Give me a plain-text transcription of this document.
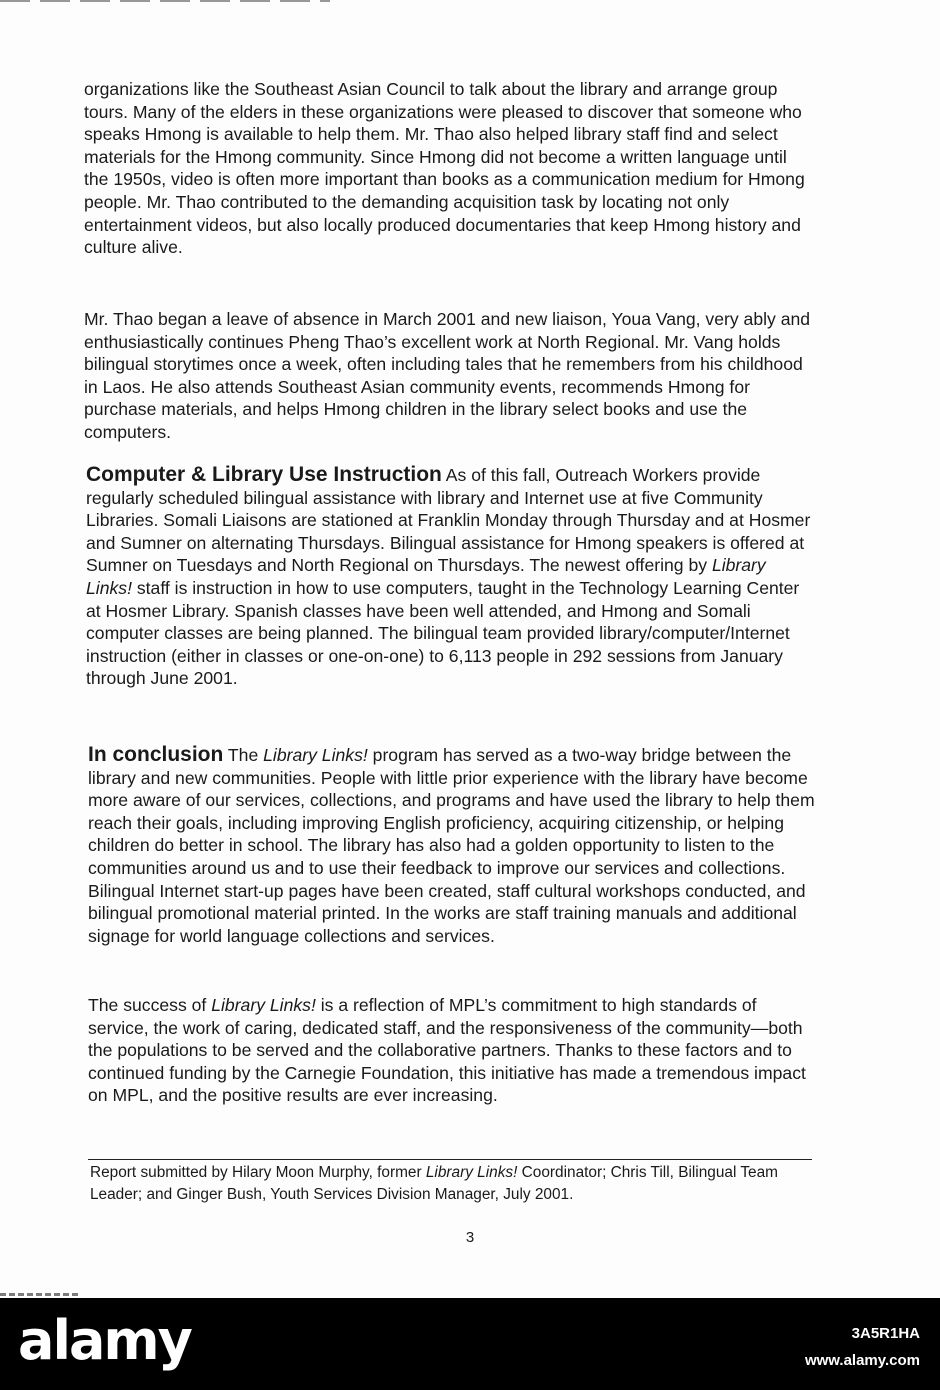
organizations like the Southeast Asian Council to talk about the library and arrange group tours. Many of the elders in these organizations were pleased to discover that someone who speaks Hmong is available to help them. Mr. Thao also helped library staff find and select materials for the Hmong community. Since Hmong did not become a written language until the 1950s, video is often more important than books as a communication medium for Hmong people. Mr. Thao contributed to the demanding acquisition task by locating not only entertainment videos, but also locally produced documentaries that keep Hmong history and culture alive.

Mr. Thao began a leave of absence in March 2001 and new liaison, Youa Vang, very ably and enthusiastically continues Pheng Thao’s excellent work at North Regional. Mr. Vang holds bilingual storytimes once a week, often including tales that he remembers from his childhood in Laos. He also attends Southeast Asian community events, recommends Hmong for purchase materials, and helps Hmong children in the library select books and use the computers.

Computer & Library Use Instruction As of this fall, Outreach Workers provide regularly scheduled bilingual assistance with library and Internet use at five Community Libraries. Somali Liaisons are stationed at Franklin Monday through Thursday and at Hosmer and Sumner on alternating Thursdays. Bilingual assistance for Hmong speakers is offered at Sumner on Tuesdays and North Regional on Thursdays. The newest offering by Library Links! staff is instruction in how to use computers, taught in the Technology Learning Center at Hosmer Library. Spanish classes have been well attended, and Hmong and Somali computer classes are being planned. The bilingual team provided library/computer/Internet instruction (either in classes or one-on-one) to 6,113 people in 292 sessions from January through June 2001.

In conclusion The Library Links! program has served as a two-way bridge between the library and new communities. People with little prior experience with the library have become more aware of our services, collections, and programs and have used the library to help them reach their goals, including improving English proficiency, acquiring citizenship, or helping children do better in school. The library has also had a golden opportunity to listen to the communities around us and to use their feedback to improve our services and collections. Bilingual Internet start-up pages have been created, staff cultural workshops conducted, and bilingual promotional material printed. In the works are staff training manuals and additional signage for world language collections and services.

The success of Library Links! is a reflection of MPL’s commitment to high standards of service, the work of caring, dedicated staff, and the responsiveness of the community—both the populations to be served and the collaborative partners. Thanks to these factors and to continued funding by the Carnegie Foundation, this initiative has made a tremendous impact on MPL, and the positive results are ever increasing.

Report submitted by Hilary Moon Murphy, former Library Links! Coordinator; Chris Till, Bilingual Team Leader; and Ginger Bush, Youth Services Division Manager, July 2001.
3
alamy	3A5R1HA
www.alamy.com
